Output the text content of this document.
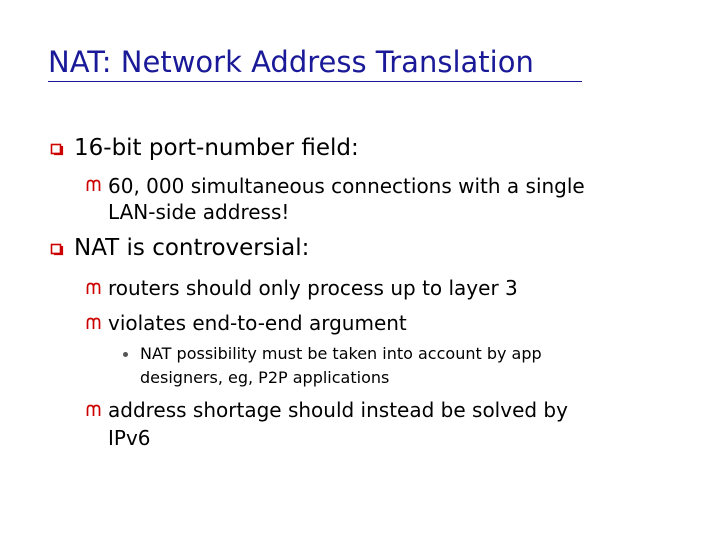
NAT: Network Address Translation
16-bit port-number field:
60, 000 simultaneous connections with a single
LAN-side address!
NAT is controversial:
routers should only process up to layer 3
violates end-to-end argument
NAT possibility must be taken into account by app
designers, eg, P2P applications
address shortage should instead be solved by
IPv6
